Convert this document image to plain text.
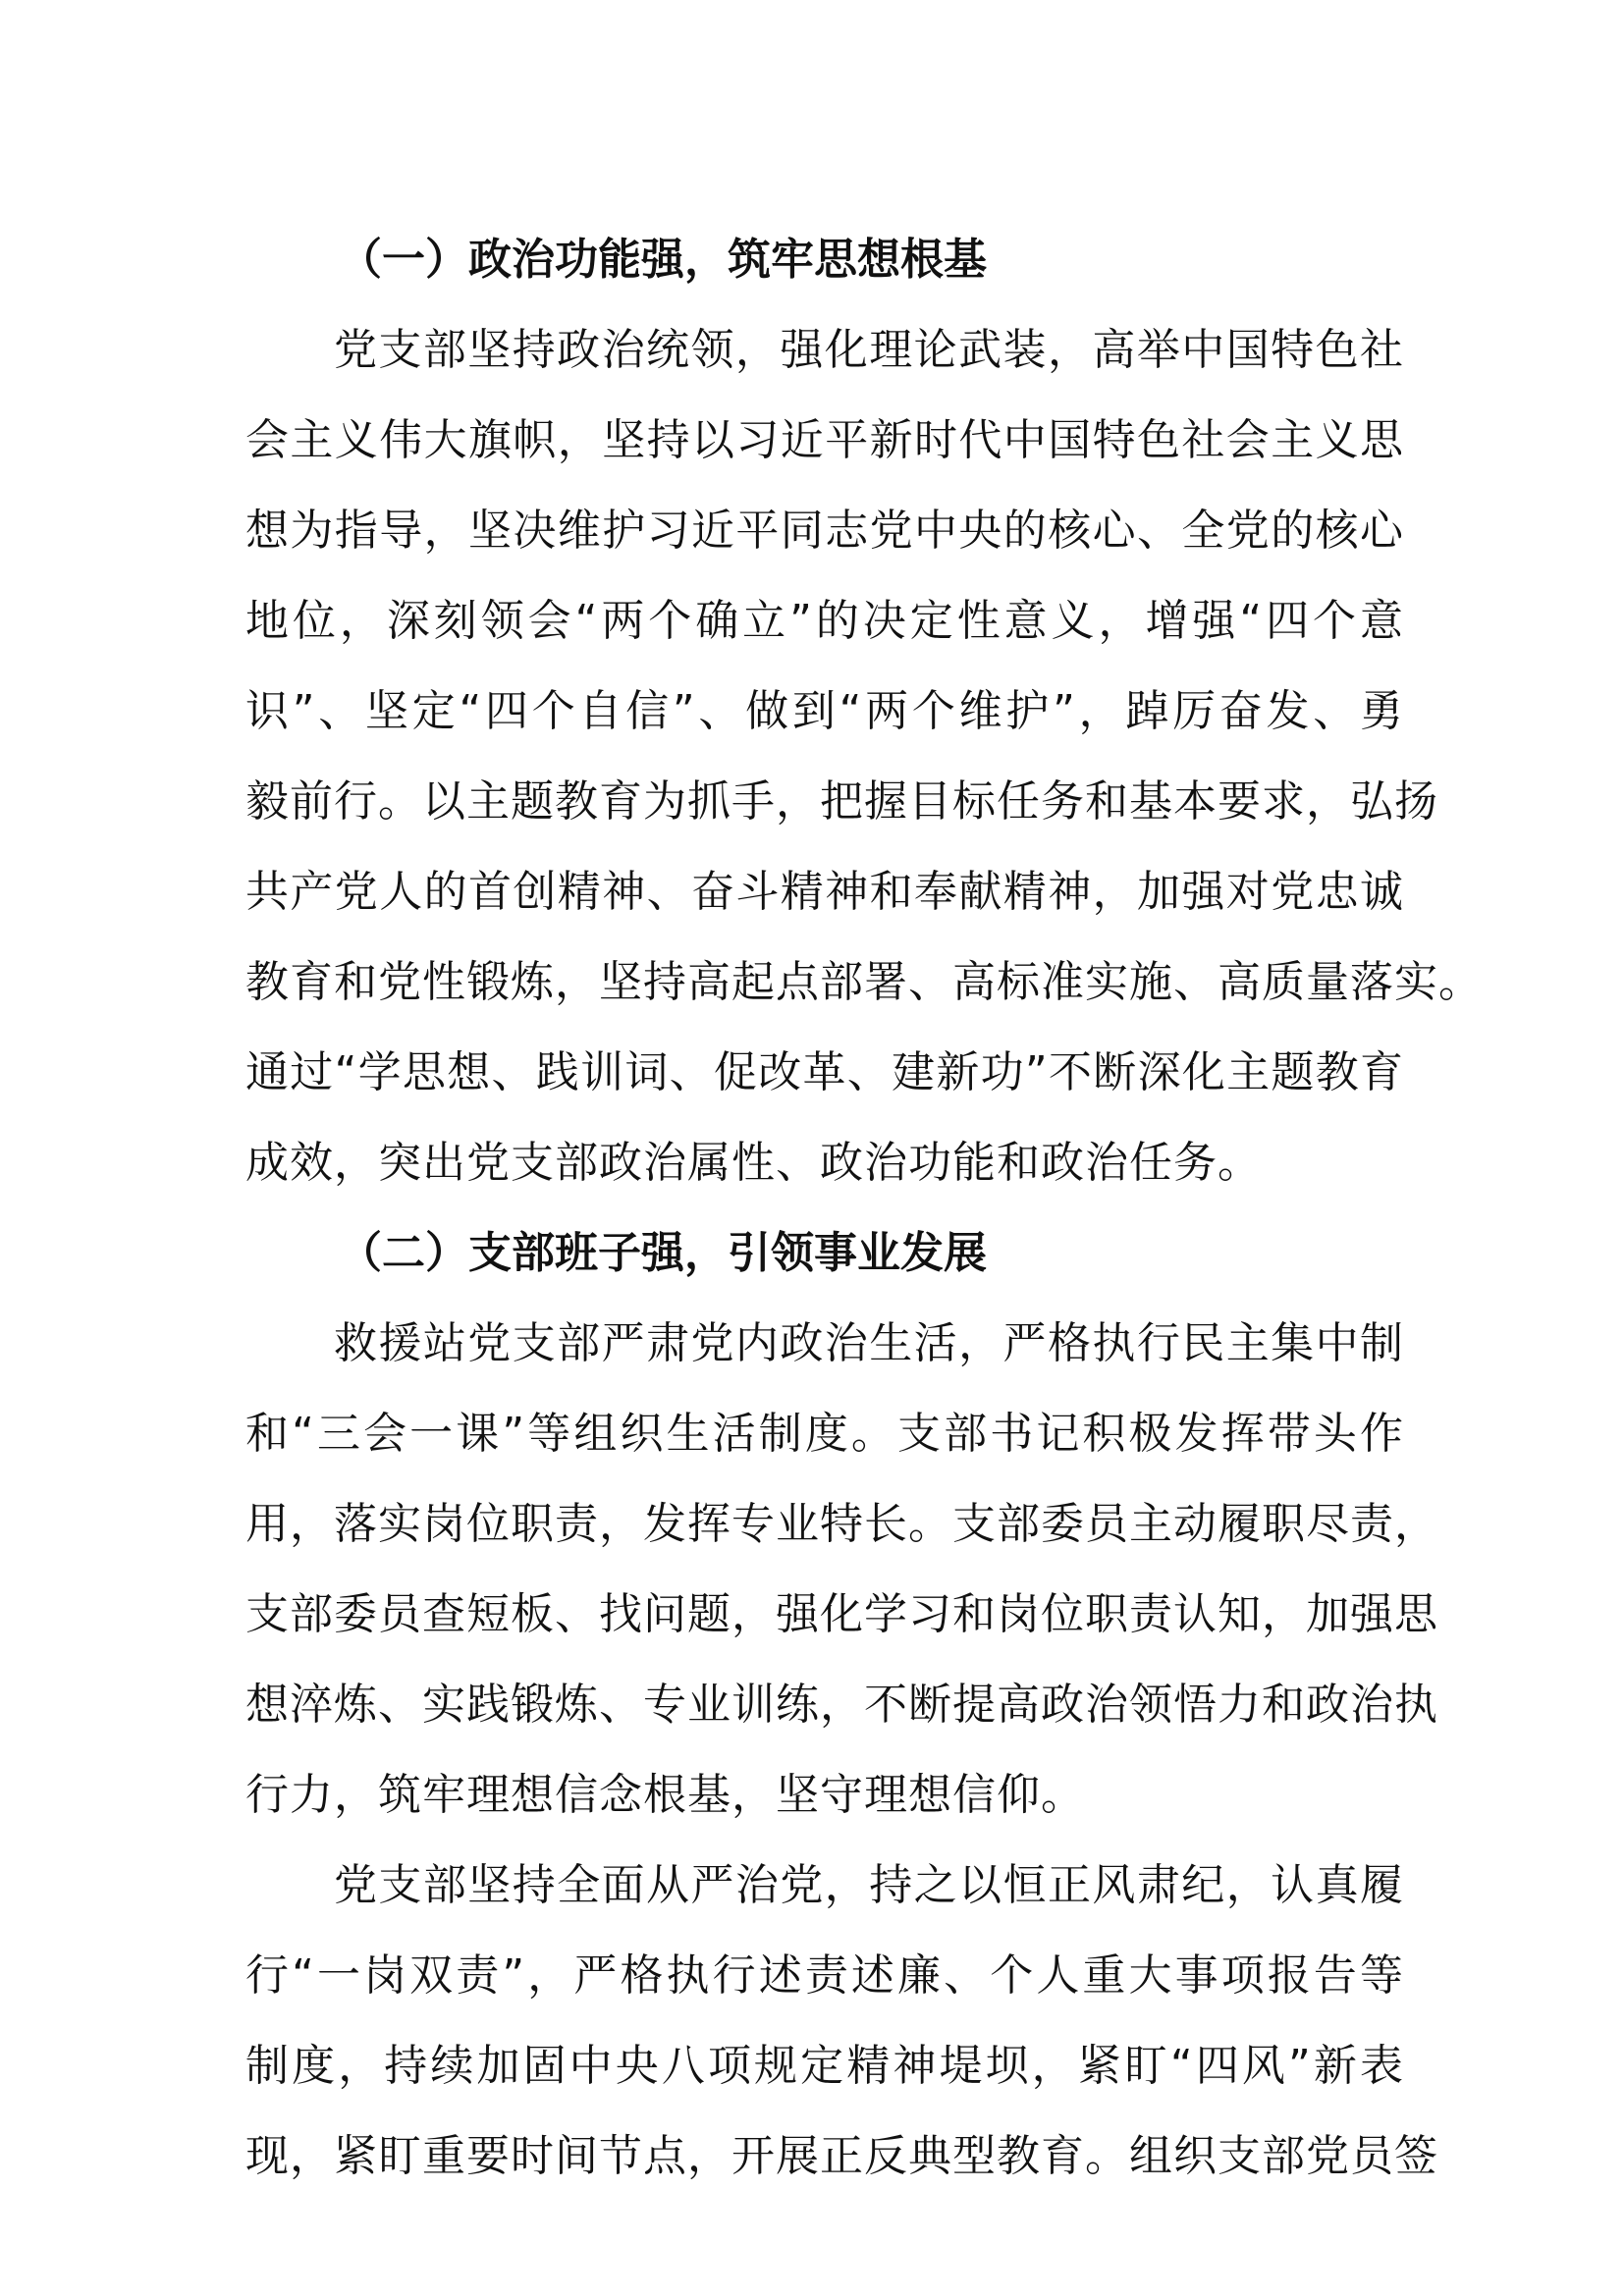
（一）政治功能强，筑牢思想根基
党支部坚持政治统领，强化理论武装，高举中国特色社
会主义伟大旗帜，坚持以习近平新时代中国特色社会主义思
想为指导，坚决维护习近平同志党中央的核心、全党的核心
地位，深刻领会“两个确立”的决定性意义，增强“四个意
识”、坚定“四个自信”、做到“两个维护”，踔厉奋发、勇
毅前行。以主题教育为抓手，把握目标任务和基本要求，弘扬
共产党人的首创精神、奋斗精神和奉献精神，加强对党忠诚
教育和党性锻炼，坚持高起点部署、高标准实施、高质量落实。
通过“学思想、践训词、促改革、建新功”不断深化主题教育
成效，突出党支部政治属性、政治功能和政治任务。
（二）支部班子强，引领事业发展
救援站党支部严肃党内政治生活，严格执行民主集中制
和“三会一课”等组织生活制度。支部书记积极发挥带头作
用，落实岗位职责，发挥专业特长。支部委员主动履职尽责，
支部委员查短板、找问题，强化学习和岗位职责认知，加强思
想淬炼、实践锻炼、专业训练，不断提高政治领悟力和政治执
行力，筑牢理想信念根基，坚守理想信仰。
党支部坚持全面从严治党，持之以恒正风肃纪，认真履
行“一岗双责”，严格执行述责述廉、个人重大事项报告等
制度，持续加固中央八项规定精神堤坝，紧盯“四风”新表
现，紧盯重要时间节点，开展正反典型教育。组织支部党员签
